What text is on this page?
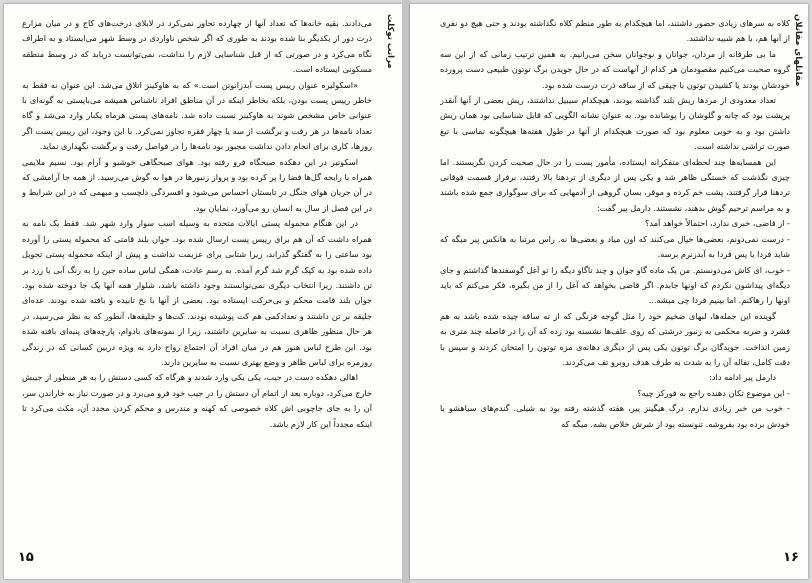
مراتب توكلت

می‌دادند. بقیه خانه‌ها که تعداد آنها از چهارده تجاوز نمی‌کرد در لابلای درخت‌های کاج و در میان مزارع ذرت دور از یکدیگر بنا شده بودند به طوری که اگر شخص ناواردی در وسط شهر می‌ایستاد و به اطراف نگاه می‌کرد و در صورتی که از قبل شناسایی لازم را نداشت، نمی‌توانست دریابد که در وسط منطقه مسکونی ایستاده است.

«اسکولیره عنوان رییس پست آبدزانوتن است.» که به هاوکینز اتلاق می‌شد. این عنوان نه فقط به خاطر رییس پست بودن، بلکه بخاطر اینکه در آن مناطق افراد ناشناس همیشه می‌بایستی به گونه‌ای با عنوانی خاص مشخص شوند به هاوکینز نسبت داده شد. نامه‌های پستی هرماه یکبار وارد می‌شد و گاه تعداد نامه‌ها در هر رفت و برگشت از سه یا چهار فقره تجاوز نمی‌کرد. با این وجود، این رییس پست اگر روزها، کاری برای انجام دادن نداشت مجبور بود نامه‌ها را در فواصل رفت و برگشت نگهداری نماید.

اسکوتیر در این دهکده صبحگاه فرو رفته بود. هوای صبحگاهی خوشبو و آرام بود. نسیم ملایمی همراه با رایحه گل‌ها فضا را پر کرده بود و پرواز زنبورها در هوا به گوش می‌رسید. از همه جا آرامشی که در آن جریان هوای جنگل در تابستان احساس می‌شود و افسردگی دلچسب و مبهمی که در این شرایط و در این فصل از سال به انسان رو می‌آورد، نمایان بود.

در این هنگام محموله پستی ایالات متحده به وسیله اسب سوار وارد شهر شد. فقط یک نامه به همراه داشت که آن هم برای رییس پست ارسال شده بود. جوان بلند قامتی که محموله پستی را آورده بود ساعتی را به گفتگو گذراند، زیرا شتابی برای عزیمت نداشت و پیش از اینکه محموله پستی تحویل داده شده بود به کپک گرم شد گرم آمده. به رسم عادت، همگی لباس ساده جین را به رنگ آبی یا زرد بر تن داشتند. زیرا انتخاب دیگری نمی‌توانستند وجود داشته باشد، شلوار همه آنها یک جا دوخته شده بود. جوان بلند قامت محکم و بی‌حرکت ایستاده بود. بعضی از آنها با نخ تابیده و بافته شده بودند. عده‌ای جلیقه بر تن داشتند و تعدادکمی هم کت پوشیده بودند. کت‌ها و جلیقه‌ها، آنطور که به نظر می‌رسید، در هر حال منظور ظاهری نسبت به سایرین داشتند، زیرا از نمونه‌های بادوام، پارچه‌های پنبه‌ای بافته شده بود. این طرح لباس هنوز هم در میان افراد آن اجتماع رواج دارد به ویژه دربین کسانی که در زندگی روزمره برای لباس ظاهر و وضع بهتری نسبت به سایرین دارند.

اهالی دهکده دست در جیب، یکی یکی وارد شدند و هرگاه که کسی دستش را به هر منظور از جیبش خارج می‌کرد، دوباره بعد از اتمام آن دستش را در جیب خود فرو می‌برد و در صورت نیاز به خاراندن سر، آن را به جای جاچوبی اش کلاه خصوصی که کهنه و مندرس و محکم کردن مجدد آن، مکث می‌کرد تا اینکه مجدداً این کار لازم باشد.

۱۵
مقاتلهای مقاتلان

کلاه به سرهای زیادی حضور داشتند، اما هیچکدام به طور منظم کلاه نگذاشته بودند و حتی هیچ دو نفری از آنها هم، با هم شبیه نداشتند.

ما بی طرفانه از مردان، جوانان و نوجوانان سخن می‌رانیم. به همین ترتیب زمانی که از این سه گروه صحبت می‌کنیم مقصودمان هر کدام از آنهاست که در حال جویدن برگ توتون طبیعی دست پرورده خودشان بودند یا کشیدن توتون با چپقی که از ساقه ذرت درست شده بود.

تعداد معدودی از مردها ریش بلند گذاشته بودند، هیچکدام سیبیل نداشتند، ریش بعضی از آنها آنقدر پرپشت بود که چانه و گلوشان را پوشانده بود. به عنوان نشانه الگویی که قابل شناسایی بود همان ریش داشتن بود و به خوبی معلوم بود که صورت هیچکدام از آنها در طول هفته‌ها هیچگونه تماسی با تیغ صورت تراشی نداشته است.

این همسایه‌ها چند لحظه‌ای متفکرانه ایستاده، مأمور پست را در حال صحبت کردن نگریستند. اما چیزی نگذشت که خستگی ظاهر شد و یکی پس از دیگری از تردهنا بالا رفتند، برفراز قسمت فوقانی تردهنا قرار گرفتند، پشت خم کرده و موقر، بسان گروهی از آدمهایی که برای سوگواری جمع شده باشند و به مراسم ترحیم گوش بدهند، نشستند. دارمل پیر گفت:

- از قاضی، خبری ندارد، احتمالاً خواهد آمد؟

- درست نمی‌دونم، بعضی‌ها خیال می‌کنند که اون میاد و بعضی‌ها نه. راس مرتبا به هانکس پیر میگه که شاید فردا یا پس فردا به آبدزنرم برسه.

- خوب، ای کاش می‌دونستم. من یک ماده گاو جوان و چند تاگاو دیگه را تو آغل گوسفندها گذاشتم و جای دیگه‌ای پیداشون نکردم که اونها جابدم. اگر قاضی بخواهد که آغل را از من بگیره، فکر می‌کنم که باید اونها را رهاکنم. اما بینیم فردا چی میشه...

گوینده این جمله‌ها، لبهای ضخیم خود را مثل گوجه فرنگی که از ته ساقه چیده شده باشد به هم فشرد و ضربه محکمی به زنبور درشتی که روی علف‌ها نشسته بود زده که آن را در فاصله چند متری به زمین انداخت. جویدگان برگ توتون یکی پس از دیگری دهانه‌ی مزه توتون را امتحان کردند و سپس با دقت کامل، تفاله آن را به شدت به طرف هدف روبرو تف می‌کردند.

دارمل پیر ادامه داد:

- این موضوع تکان دهنده راجع به فورکز چیه؟

- خوب من خبر زیادی ندارم. درگ هیگینز پیر، هفته گذشته رفته بود به شیلی. گندم‌های سیاهشو با خودش برده بود بفروشه. تنونسته بود از شرش خلاص بشه. میگه که

۱۶
